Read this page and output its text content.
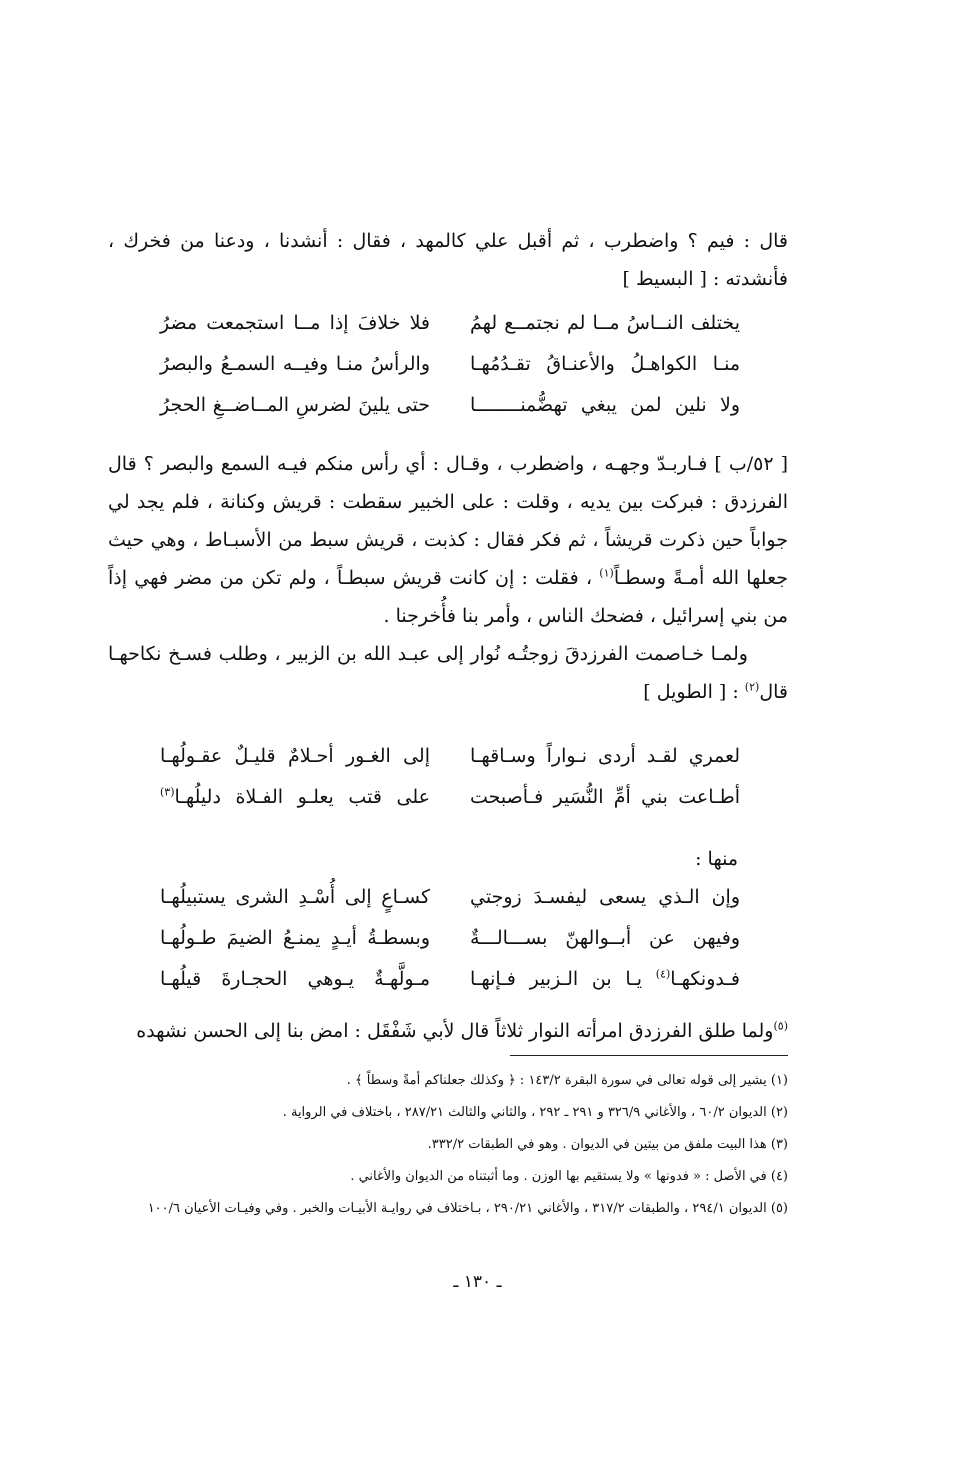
قال : فيم ؟ واضطرب ، ثم أقبل علي كالمهد ، فقال : أنشدنا ، ودعنا من فخرك ، فأنشدته : [ البسيط ]

يختلف النــاسُ مــا لم نجتمــع لهمُ
فلا خلافَ إذا مــا استجمعت مضرُ
منـا الكواهـلُ والأعنـاقُ تقـدُمُهـا
والرأسُ منـا وفيــه السمـعُ والبصرُ
ولا نلين لمن يبغي تهضُّمنــــــــا
حتى يلينَ لضرسِ المــاضــغِ الحجرُ

[ ٥٢/ب ] فـاربـدّ وجهـه ، واضطرب ، وقـال : أي رأس منكم فيـه السمع والبصر ؟ قال الفرزدق : فبركت بين يديه ، وقلت : على الخبير سقطت : قريش وكنانة ، فلم يجد لي جواباً حين ذكرت قريشاً ، ثم فكر فقال : كذبت ، قريش سبط من الأسبـاط ، وهي حيث جعلها الله أمـةً وسطـاً$^{(١)}$ ، فقلت : إن كانت قريش سبطـاً ، ولم تكن من مضر فهي إذاً من بني إسرائيل ، فضحك الناس ، وأمر بنا فأُخرجنا .

ولمـا خـاصمت الفرزدقَ زوجتُـه نُوار إلى عبـد الله بن الزبير ، وطلب فسـخ نكاحهـا قال$^{(٢)}$ : [ الطويل ]

لعمري لقـد أردى نـواراً وسـاقهـا
إلى الغـور أحـلامٌ قليـلٌ عقـولُهـا
أطـاعت بني أمِّ النُّسَير فـأصبحت
على قتب يعلـو الفـلاة دليلُهـا$^{(٣)}$

منها :

وإن الـذي يسعى ليفسـدَ زوجتي
كسـاعٍ إلى أُسْـدِ الشرى يستبيلُهـا
وفيهن عن أبــوالهنّ بســـالـــةٌ
وبسطـةُ أيـدٍ يمنـعُ الضيمَ طـولُهـا
فـدونكهـا$^{(٤)}$ يـا بن الـزبير فـإنهـا
مـولَّهـةٌ يـوهي الحجـارةَ قيلُهـا

$^{(٥)}$ولما طلق الفرزدق امرأته النوار ثلاثاً قال لأبي شَفْقَل : امض بنا إلى الحسن نشهده

(١) يشير إلى قوله تعالى في سورة البقرة ١٤٣/٢ : ﴿ وكذلك جعلناكم أمةً وسطاً ﴾ .

(٢) الديوان ٦٠/٢ ، والأغاني ٣٢٦/٩ و ٢٩١ ـ ٢٩٢ ، والثاني والثالث ٢٨٧/٢١ ، باختلاف في الرواية .

(٣) هذا البيت ملفق من بيتين في الديوان . وهو في الطبقات ٣٣٢/٢.

(٤) في الأصل : « فدونها » ولا يستقيم بها الوزن . وما أثبتناه من الديوان والأغاني .

(٥) الديوان ٢٩٤/١ ، والطبقات ٣١٧/٢ ، والأغاني ٢٩٠/٢١ ، بـاختلاف في روايـة الأبيـات والخبر . وفي وفيـات الأعيان ١٠٠/٦

ـ ١٣٠ ـ
